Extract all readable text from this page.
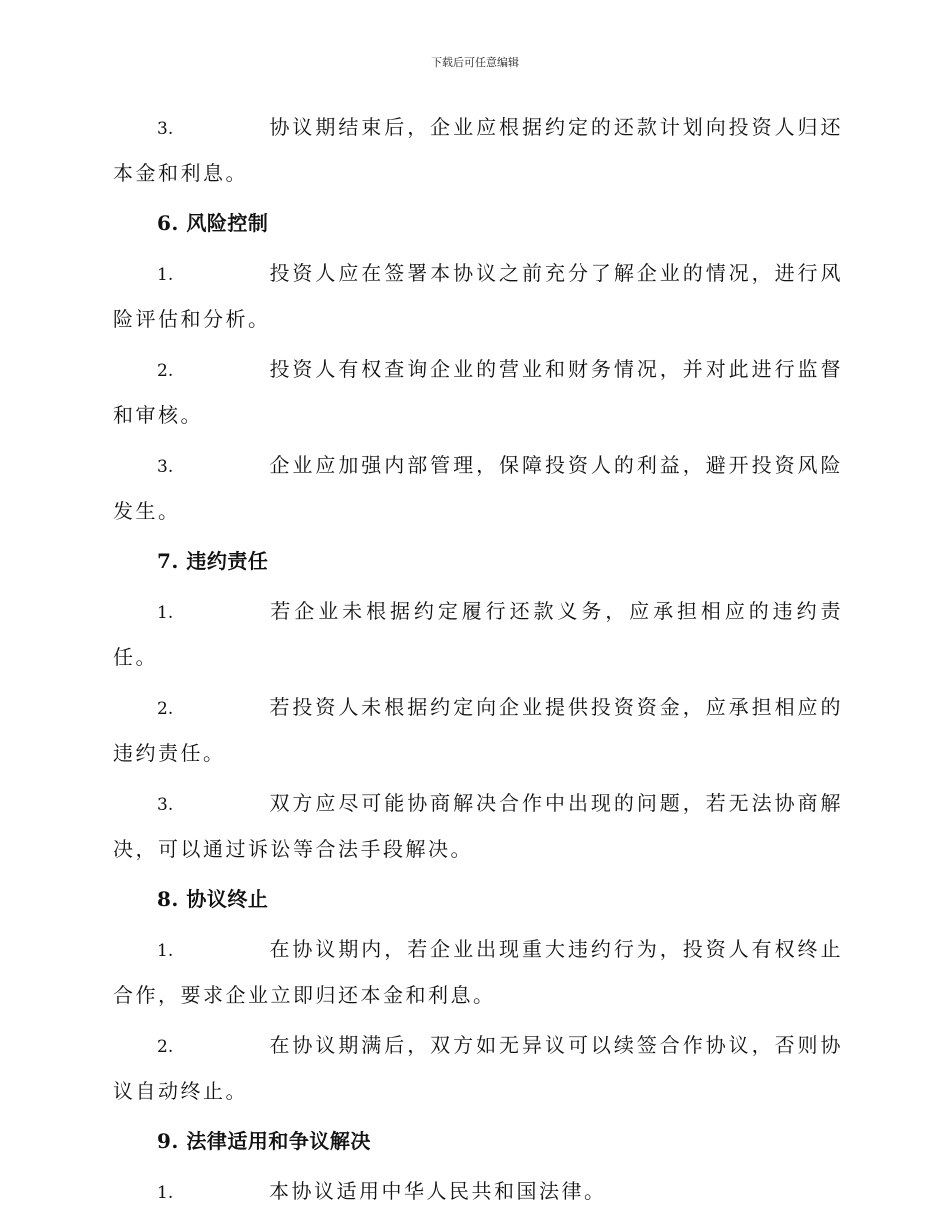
下载后可任意编辑
3.	协议期结束后，企业应根据约定的还款计划向投资人归还本金和利息。
6. 风险控制
1.	投资人应在签署本协议之前充分了解企业的情况，进行风险评估和分析。
2.	投资人有权查询企业的营业和财务情况，并对此进行监督和审核。
3.	企业应加强内部管理，保障投资人的利益，避开投资风险发生。
7. 违约责任
1.	若企业未根据约定履行还款义务，应承担相应的违约责任。
2.	若投资人未根据约定向企业提供投资资金，应承担相应的违约责任。
3.	双方应尽可能协商解决合作中出现的问题，若无法协商解决，可以通过诉讼等合法手段解决。
8. 协议终止
1.	在协议期内，若企业出现重大违约行为，投资人有权终止合作，要求企业立即归还本金和利息。
2.	在协议期满后，双方如无异议可以续签合作协议，否则协议自动终止。
9. 法律适用和争议解决
1.	本协议适用中华人民共和国法律。
